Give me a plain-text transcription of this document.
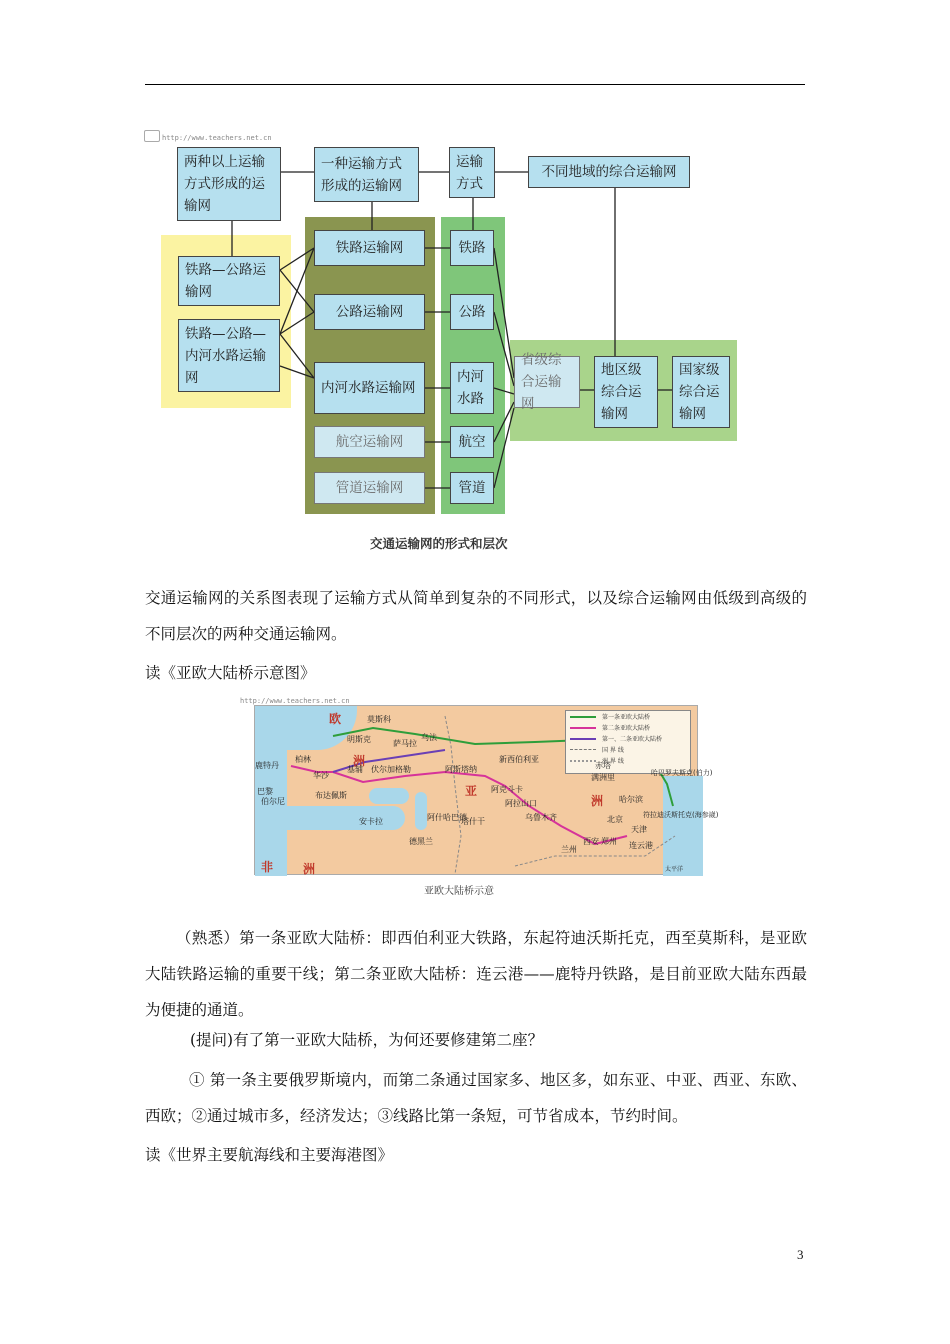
http://www.teachers.net.cn
两种以上运输方式形成的运输网
一种运输方式形成的运输网
运输方式
不同地域的综合运输网
铁路—公路运输网
铁路—公路—内河水路运输网
铁路运输网
公路运输网
内河水路运输网
航空运输网
管道运输网
铁路
公路
内河水路
航空
管道
省级综合运输网
地区级综合运输网
国家级综合运输网
交通运输网的形式和层次

交通运输网的关系图表现了运输方式从简单到复杂的不同形式，以及综合运输网由低级到高级的不同层次的两种交通运输网。

读《亚欧大陆桥示意图》

http://www.teachers.net.cn
第一条亚欧大陆桥
第二条亚欧大陆桥
第一、二条亚欧大陆桥
国 界 线
洲 界 线
欧
洲
亚
洲
非 洲
莫斯科
鹿特丹
柏林
华沙
巴黎
伯尔尼
布达佩斯
明斯克
基辅 伏尔加格勒
萨马拉
乌法
阿斯塔纳
新西伯利亚
赤塔
满洲里
哈尔滨
哈巴罗夫斯克(伯力)
符拉迪沃斯托克(海参崴)
阿克斗卡
阿拉山口
乌鲁木齐
阿什哈巴德
塔什干
安卡拉
德黑兰
北京
天津
西安 郑州
兰州	连云港
太平洋
亚欧大陆桥示意

（熟悉）第一条亚欧大陆桥：即西伯利亚大铁路，东起符迪沃斯托克，西至莫斯科，是亚欧大陆铁路运输的重要干线；第二条亚欧大陆桥：连云港——鹿特丹铁路，是目前亚欧大陆东西最为便捷的通道。

(提问)有了第一亚欧大陆桥，为何还要修建第二座？

① 第一条主要俄罗斯境内，而第二条通过国家多、地区多，如东亚、中亚、西亚、东欧、西欧；②通过城市多，经济发达；③线路比第一条短，可节省成本，节约时间。

读《世界主要航海线和主要海港图》

3
